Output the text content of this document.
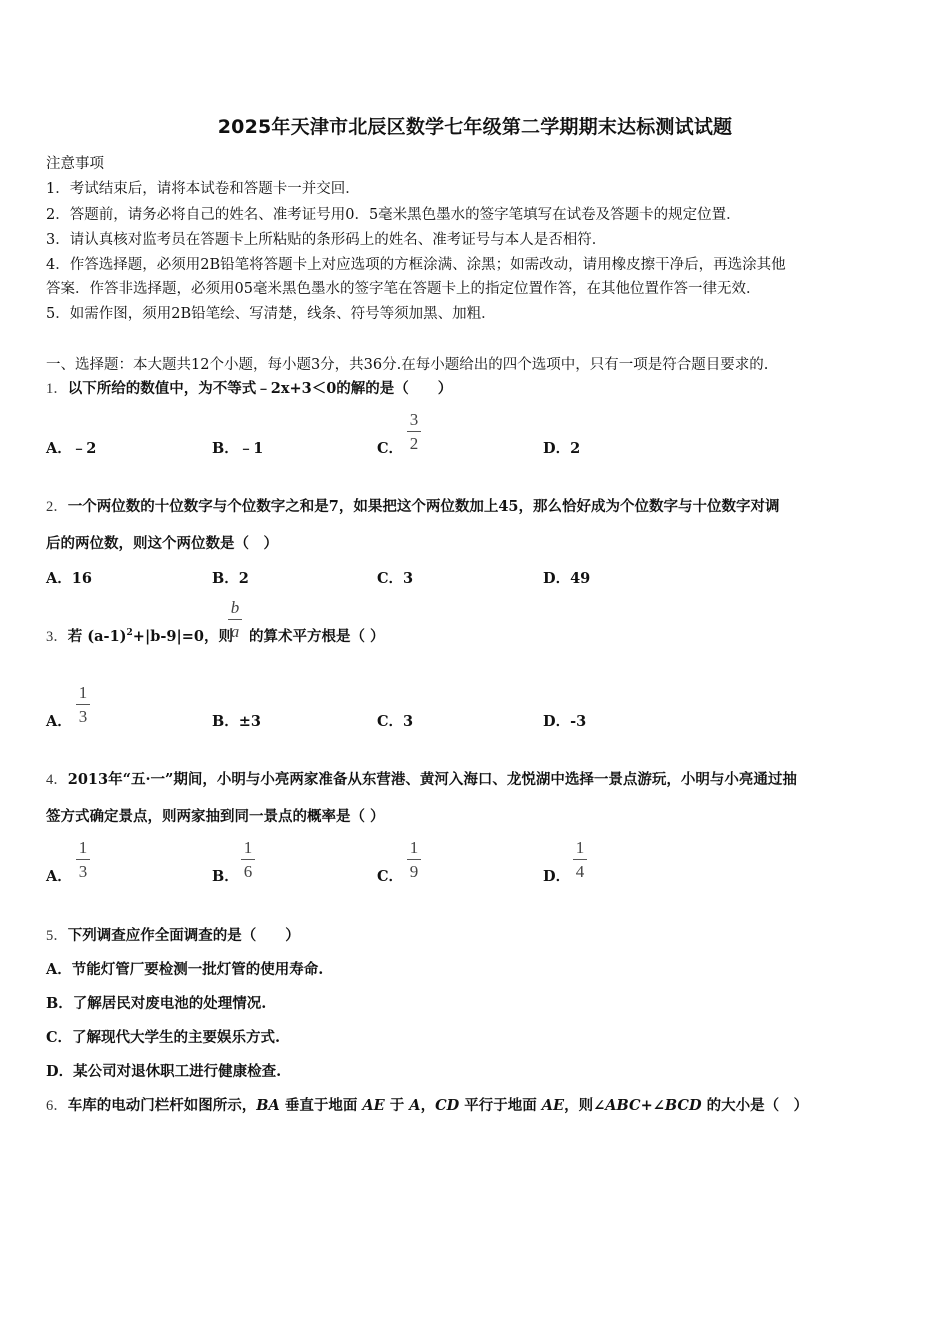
2025年天津市北辰区数学七年级第二学期期末达标测试试题
注意事项
1．考试结束后，请将本试卷和答题卡一并交回．
2．答题前，请务必将自己的姓名、准考证号用0．5毫米黑色墨水的签字笔填写在试卷及答题卡的规定位置．
3．请认真核对监考员在答题卡上所粘贴的条形码上的姓名、准考证号与本人是否相符．
4．作答选择题，必须用2B铅笔将答题卡上对应选项的方框涂满、涂黑；如需改动，请用橡皮擦干净后，再选涂其他
答案．作答非选择题，必须用05毫米黑色墨水的签字笔在答题卡上的指定位置作答，在其他位置作答一律无效．
5．如需作图，须用2B铅笔绘、写清楚，线条、符号等须加黑、加粗．
一、选择题：本大题共12个小题，每小题3分，共36分.在每小题给出的四个选项中，只有一项是符合题目要求的.
1．以下所给的数值中，为不等式﹣2x+3＜0的解的是（　　）
A．﹣2	B．﹣1	C．
3
2	D．2
2．一个两位数的十位数字与个位数字之和是7，如果把这个两位数加上45，那么恰好成为个位数字与十位数字对调
后的两位数，则这个两位数是（　）
A．16	B．2	C．3	D．49
3．若 $(a-1)^2+|b-9|=0$，则 的算术平方根是（ ）
b
a
A．
1
3	B．±3	C．3	D．-3
4．2013年“五·一”期间，小明与小亮两家准备从东营港、黄河入海口、龙悦湖中选择一景点游玩，小明与小亮通过抽
签方式确定景点，则两家抽到同一景点的概率是（ ）
A．
1
3	B．
1
6	C．
1
9	D．
1
4
5．下列调查应作全面调查的是（　　）
A．节能灯管厂要检测一批灯管的使用寿命.
B．了解居民对废电池的处理情况.
C．了解现代大学生的主要娱乐方式.
D．某公司对退休职工进行健康检查.
6．车库的电动门栏杆如图所示，BA 垂直于地面 AE 于 A，CD 平行于地面 AE，则∠ABC+∠BCD 的大小是（　）
